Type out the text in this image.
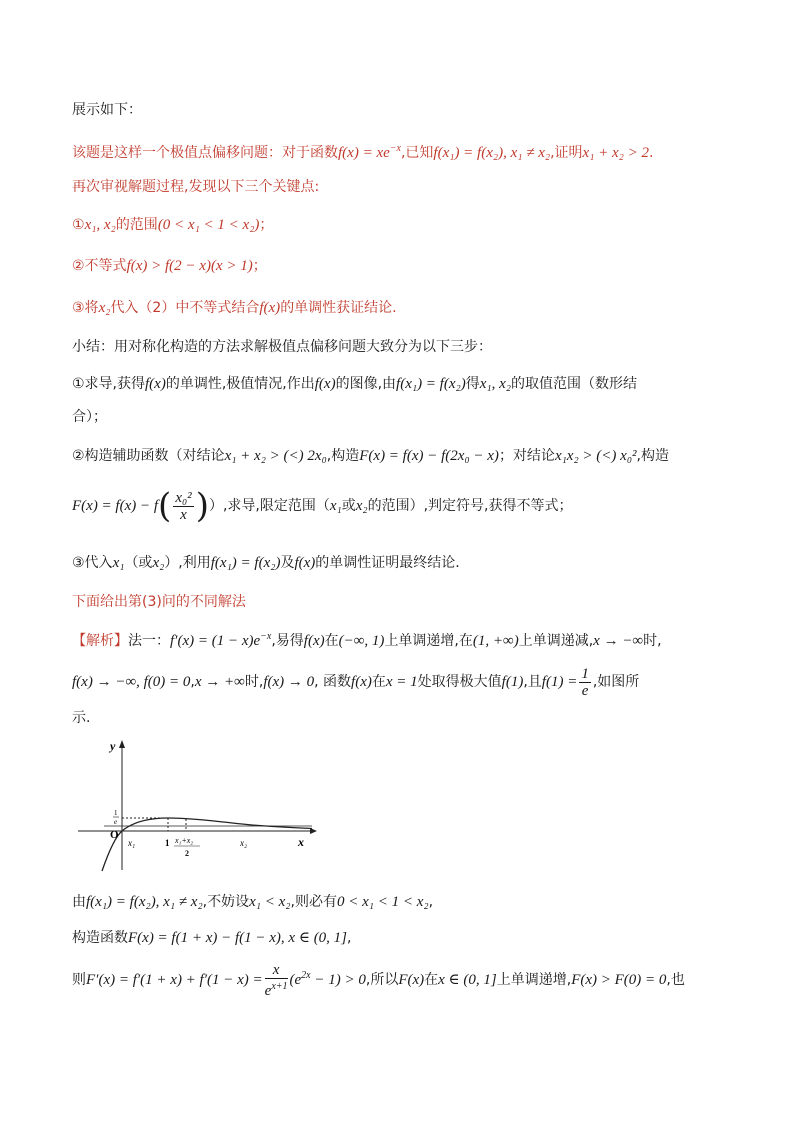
展示如下：
该题是这样一个极值点偏移问题：对于函数$f(x) = xe^{-x}$,已知f(x₁) = f(x₂), x₁ ≠ x₂,证明x₁ + x₂ > 2.
再次审视解题过程,发现以下三个关键点:
①x₁, x₂的范围(0 < x₁ < 1 < x₂)；
②不等式f(x) > f(2 − x)(x > 1)；
③将x₂代入（2）中不等式结合f(x)的单调性获证结论.
小结：用对称化构造的方法求解极值点偏移问题大致分为以下三步：
①求导,获得f(x)的单调性,极值情况,作出f(x)的图像,由f(x₁) = f(x₂)得x₁, x₂的取值范围（数形结
合）；
②构造辅助函数（对结论x₁ + x₂ > (<) 2x₀,构造F(x) = f(x) − f(2x₀ − x)；对结论x₁x₂ > (<) x₀²,构造
$F(x) = f(x) - f( \frac{\text{x₀²}}{x}$ )）,求导,限定范围（x₁或x₂的范围）,判定符号,获得不等式；
③代入x₁（或x₂）,利用f(x₁) = f(x₂)及f(x)的单调性证明最终结论.
下面给出第(3)问的不同解法
【解析】法一：$f'(x) = (1 - x)e^{-x}$,易得f(x)在(−∞, 1)上单调递增,在(1, +∞)上单调递减,x → −∞时,
f(x) → −∞, f(0) = 0,x → +∞时,f(x) → 0, 函数f(x)在x = 1处取得极大值f(1),且$f(1) = \frac{1}{e}$ ,如图所
示.
y
x
O
1
e
x₁	1 x₁+x₂
2
x₂
由f(x₁) = f(x₂), x₁ ≠ x₂,不妨设x₁ < x₂,则必有0 < x₁ < 1 < x₂,
构造函数F(x) = f(1 + x) − f(1 − x), x ∈ (0, 1],
则$F'(x) = f'(1 + x) + f'(1 - x) = \frac{x}{e^{x+1}} (e^{2x} - 1) > 0$,所以F(x)在x ∈ (0, 1]上单调递增,F(x) > F(0) = 0,也
